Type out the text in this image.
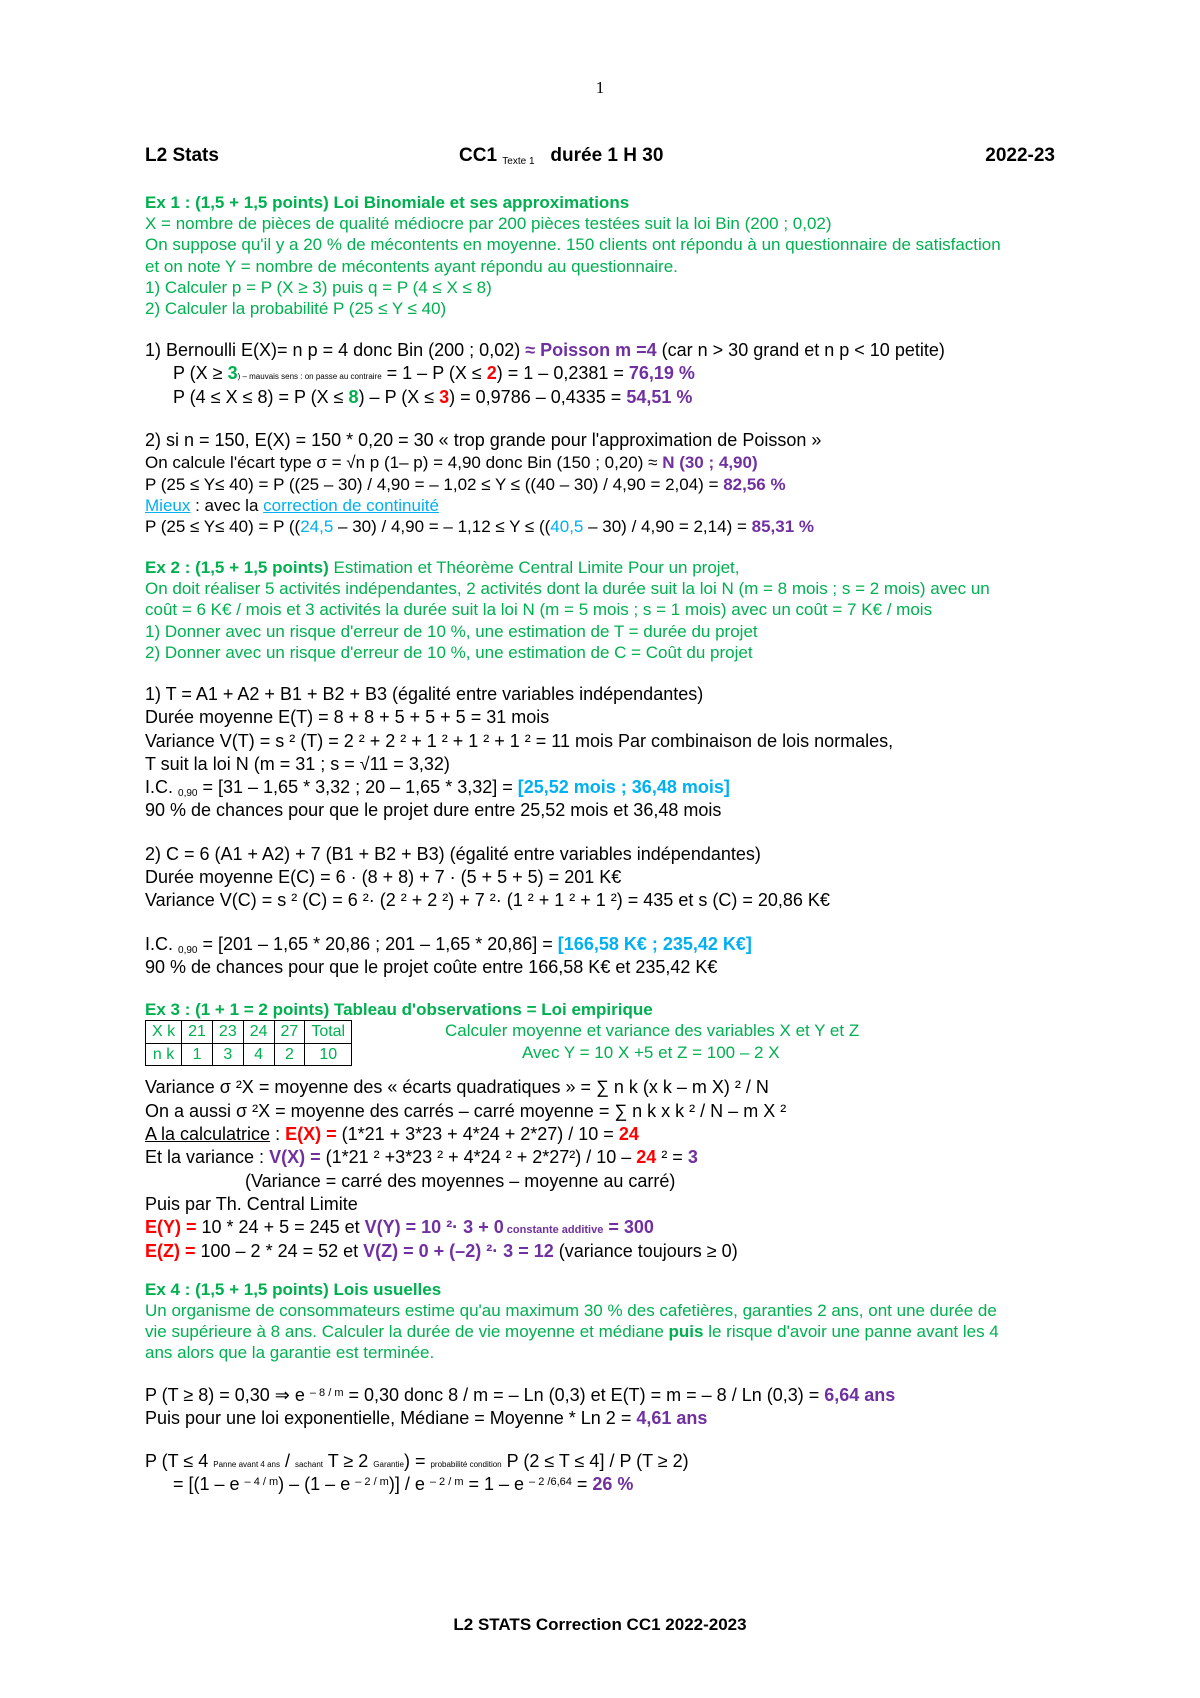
1
L2 Stats	CC1 $_{Texte 1}$ durée 1 H 30	2022-23
Ex 1 : (1,5 + 1,5 points) Loi Binomiale et ses approximations
X = nombre de pièces de qualité médiocre par 200 pièces testées suit la loi Bin (200 ; 0,02)
On suppose qu'il y a 20 % de mécontents en moyenne. 150 clients ont répondu à un questionnaire de satisfaction
et on note Y = nombre de mécontents ayant répondu au questionnaire.
1) Calculer p = P (X ≥ 3) puis q = P (4 ≤ X ≤ 8)
2) Calculer la probabilité P (25 ≤ Y ≤ 40)
1) Bernoulli E(X)= n p = 4 donc Bin (200 ; 0,02) ≈ Poisson m =4 (car n > 30 grand et n p < 10 petite)
P (X ≥ 3) – mauvais sens : on passe au contraire = 1 – P (X ≤ 2) = 1 – 0,2381 = 76,19 %
P (4 ≤ X ≤ 8) = P (X ≤ 8) – P (X ≤ 3) = 0,9786 – 0,4335 = 54,51 %
2) si n = 150, E(X) = 150 * 0,20 = 30 « trop grande pour l'approximation de Poisson »
On calcule l'écart type σ = √n p (1– p) = 4,90 donc Bin (150 ; 0,20) ≈ N (30 ; 4,90)
P (25 ≤ Y≤ 40) = P ((25 – 30) / 4,90 = – 1,02 ≤ Y ≤ ((40 – 30) / 4,90 = 2,04) = 82,56 %
Mieux : avec la correction de continuité
P (25 ≤ Y≤ 40) = P ((24,5 – 30) / 4,90 = – 1,12 ≤ Y ≤ ((40,5 – 30) / 4,90 = 2,14) = 85,31 %
Ex 2 : (1,5 + 1,5 points) Estimation et Théorème Central Limite Pour un projet,
On doit réaliser 5 activités indépendantes, 2 activités dont la durée suit la loi N (m = 8 mois ; s = 2 mois) avec un
coût = 6 K€ / mois et 3 activités la durée suit la loi N (m = 5 mois ; s = 1 mois) avec un coût = 7 K€ / mois
1) Donner avec un risque d'erreur de 10 %, une estimation de T = durée du projet
2) Donner avec un risque d'erreur de 10 %, une estimation de C = Coût du projet
1) T = A1 + A2 + B1 + B2 + B3 (égalité entre variables indépendantes)
Durée moyenne E(T) = 8 + 8 + 5 + 5 + 5 = 31 mois
Variance V(T) = s ² (T) = 2 ² + 2 ² + 1 ² + 1 ² + 1 ² = 11 mois Par combinaison de lois normales,
T suit la loi N (m = 31 ; s = √11 = 3,32)
I.C. $_{0,90}$ = [31 – 1,65 * 3,32 ; 20 – 1,65 * 3,32] = [25,52 mois ; 36,48 mois]
90 % de chances pour que le projet dure entre 25,52 mois et 36,48 mois
2) C = 6 (A1 + A2) + 7 (B1 + B2 + B3) (égalité entre variables indépendantes)
Durée moyenne E(C) = 6 · (8 + 8) + 7 · (5 + 5 + 5) = 201 K€
Variance V(C) = s ² (C) = 6 ²· (2 ² + 2 ²) + 7 ²· (1 ² + 1 ² + 1 ²) = 435 et s (C) = 20,86 K€
I.C. $_{0,90}$ = [201 – 1,65 * 20,86 ; 201 – 1,65 * 20,86] = [166,58 K€ ; 235,42 K€]
90 % de chances pour que le projet coûte entre 166,58 K€ et 235,42 K€
Ex 3 : (1 + 1 = 2 points) Tableau d'observations = Loi empirique
X k	21	23	24	27	Total
n k	1	3	4	2	10
Calculer moyenne et variance des variables X et Y et Z
Avec Y = 10 X +5 et Z = 100 – 2 X
Variance σ ²X = moyenne des « écarts quadratiques » = ∑ n k (x k – m X) ² / N
On a aussi σ ²X = moyenne des carrés – carré moyenne = ∑ n k x k ² / N – m X ²
A la calculatrice : E(X) = (1*21 + 3*23 + 4*24 + 2*27) / 10 = 24
Et la variance : V(X) = (1*21 ² +3*23 ² + 4*24 ² + 2*27²) / 10 – 24 ² = 3
(Variance = carré des moyennes – moyenne au carré)
Puis par Th. Central Limite
E(Y) = 10 * 24 + 5 = 245 et V(Y) = 10 ²· 3 + 0 constante additive = 300
E(Z) = 100 – 2 * 24 = 52 et V(Z) = 0 + (–2) ²· 3 = 12 (variance toujours ≥ 0)
Ex 4 : (1,5 + 1,5 points) Lois usuelles
Un organisme de consommateurs estime qu'au maximum 30 % des cafetières, garanties 2 ans, ont une durée de
vie supérieure à 8 ans. Calculer la durée de vie moyenne et médiane puis le risque d'avoir une panne avant les 4
ans alors que la garantie est terminée.
P (T ≥ 8) = 0,30 ⇒ e $^{- 8 / m}$ = 0,30 donc 8 / m = – Ln (0,3) et E(T) = m = – 8 / Ln (0,3) = 6,64 ans
Puis pour une loi exponentielle, Médiane = Moyenne * Ln 2 = 4,61 ans
P (T ≤ 4 Panne avant 4 ans / sachant T ≥ 2 Garantie) = probabilité condition P (2 ≤ T ≤ 4] / P (T ≥ 2)
= [(1 – e $^{- 4 / m}$) – (1 – e $^{- 2 / m}$)] / e $^{- 2 / m}$ = 1 – e $^{- 2 /6,64}$ = 26 %
L2 STATS Correction CC1 2022-2023
